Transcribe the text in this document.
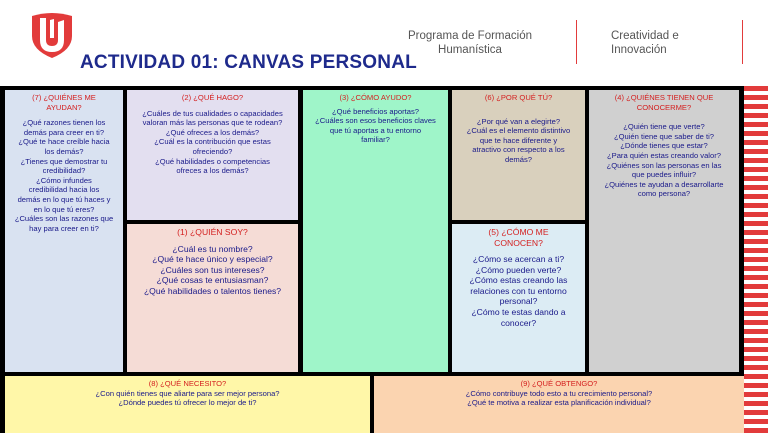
ACTIVIDAD 01: CANVAS PERSONAL
Programa de Formación
Humanística
Creatividad e
Innovación

(7) ¿QUIÉNES ME

AYUDAN?

¿Qué razones tienen los

demás para creer en ti?

¿Qué te hace creíble hacia

los demás?

¿Tienes que demostrar tu

credibilidad?

¿Cómo infundes

credibilidad hacia los

demás en lo que tú haces y

en lo que tú eres?

¿Cuáles son las razones que

hay para creer en ti?

(2) ¿QUÉ HAGO?

¿Cuáles de tus cualidades o capacidades

valoran más las personas que te rodean?

¿Qué ofreces a los demás?

¿Cuál es la contribución que estas

ofreciendo?

¿Qué habilidades o competencias

ofreces a los demás?

(1) ¿QUIÉN SOY?

¿Cuál es tu nombre?

¿Qué te hace único y especial?

¿Cuáles son tus intereses?

¿Qué cosas te entusiasman?

¿Qué habilidades o talentos tienes?

(3) ¿CÓMO AYUDO?

¿Qué beneficios aportas?

¿Cuáles son esos beneficios claves

que tú aportas a tu entorno

familiar?

(6) ¿POR QUÉ TÚ?

¿Por qué van a elegirte?

¿Cuál es el elemento distintivo

que te hace diferente y

atractivo con respecto a los

demás?

(5) ¿CÓMO ME

CONOCEN?

¿Cómo se acercan a ti?

¿Cómo pueden verte?

¿Cómo estas creando las

relaciones con tu entorno

personal?

¿Cómo te estas dando a

conocer?

(4) ¿QUIÉNES TIENEN QUE

CONOCERME?

¿Quién tiene que verte?

¿Quién tiene que saber de ti?

¿Dónde tienes que estar?

¿Para quién estas creando valor?

¿Quiénes son las personas en las

que puedes influir?

¿Quiénes te ayudan a desarrollarte

como persona?

(8) ¿QUÉ NECESITO?

¿Con quién tienes que aliarte para ser mejor persona?

¿Dónde puedes tú ofrecer lo mejor de ti?

(9) ¿QUÉ OBTENGO?

¿Cómo contribuye todo esto a tu crecimiento personal?

¿Qué te motiva a realizar esta planificación individual?
